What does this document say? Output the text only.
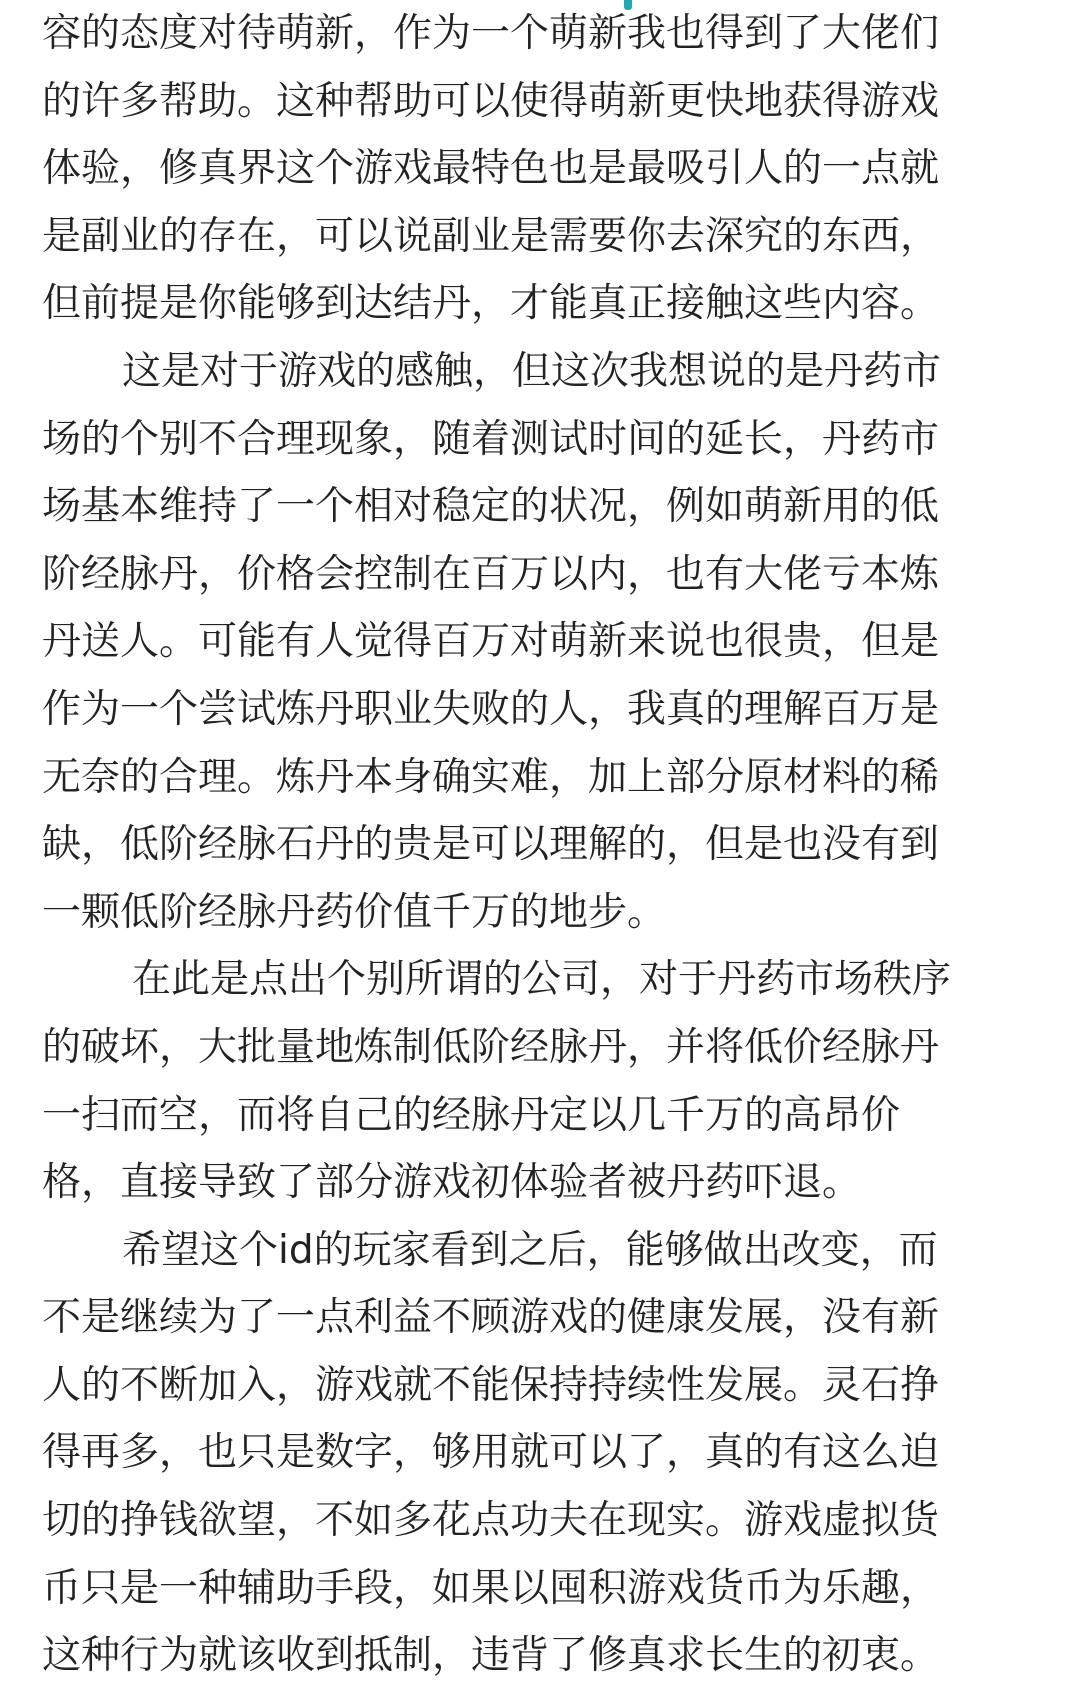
容的态度对待萌新，作为一个萌新我也得到了大佬们
的许多帮助。这种帮助可以使得萌新更快地获得游戏
体验，修真界这个游戏最特色也是最吸引人的一点就
是副业的存在，可以说副业是需要你去深究的东西，
但前提是你能够到达结丹，才能真正接触这些内容。
这是对于游戏的感触，但这次我想说的是丹药市
场的个别不合理现象，随着测试时间的延长，丹药市
场基本维持了一个相对稳定的状况，例如萌新用的低
阶经脉丹，价格会控制在百万以内，也有大佬亏本炼
丹送人。可能有人觉得百万对萌新来说也很贵，但是
作为一个尝试炼丹职业失败的人，我真的理解百万是
无奈的合理。炼丹本身确实难，加上部分原材料的稀
缺，低阶经脉石丹的贵是可以理解的，但是也没有到
一颗低阶经脉丹药价值千万的地步。
在此是点出个别所谓的公司，对于丹药市场秩序
的破坏，大批量地炼制低阶经脉丹，并将低价经脉丹
一扫而空，而将自己的经脉丹定以几千万的高昂价
格，直接导致了部分游戏初体验者被丹药吓退。
希望这个id的玩家看到之后，能够做出改变，而
不是继续为了一点利益不顾游戏的健康发展，没有新
人的不断加入，游戏就不能保持持续性发展。灵石挣
得再多，也只是数字，够用就可以了，真的有这么迫
切的挣钱欲望，不如多花点功夫在现实。游戏虚拟货
币只是一种辅助手段，如果以囤积游戏货币为乐趣，
这种行为就该收到抵制，违背了修真求长生的初衷。
